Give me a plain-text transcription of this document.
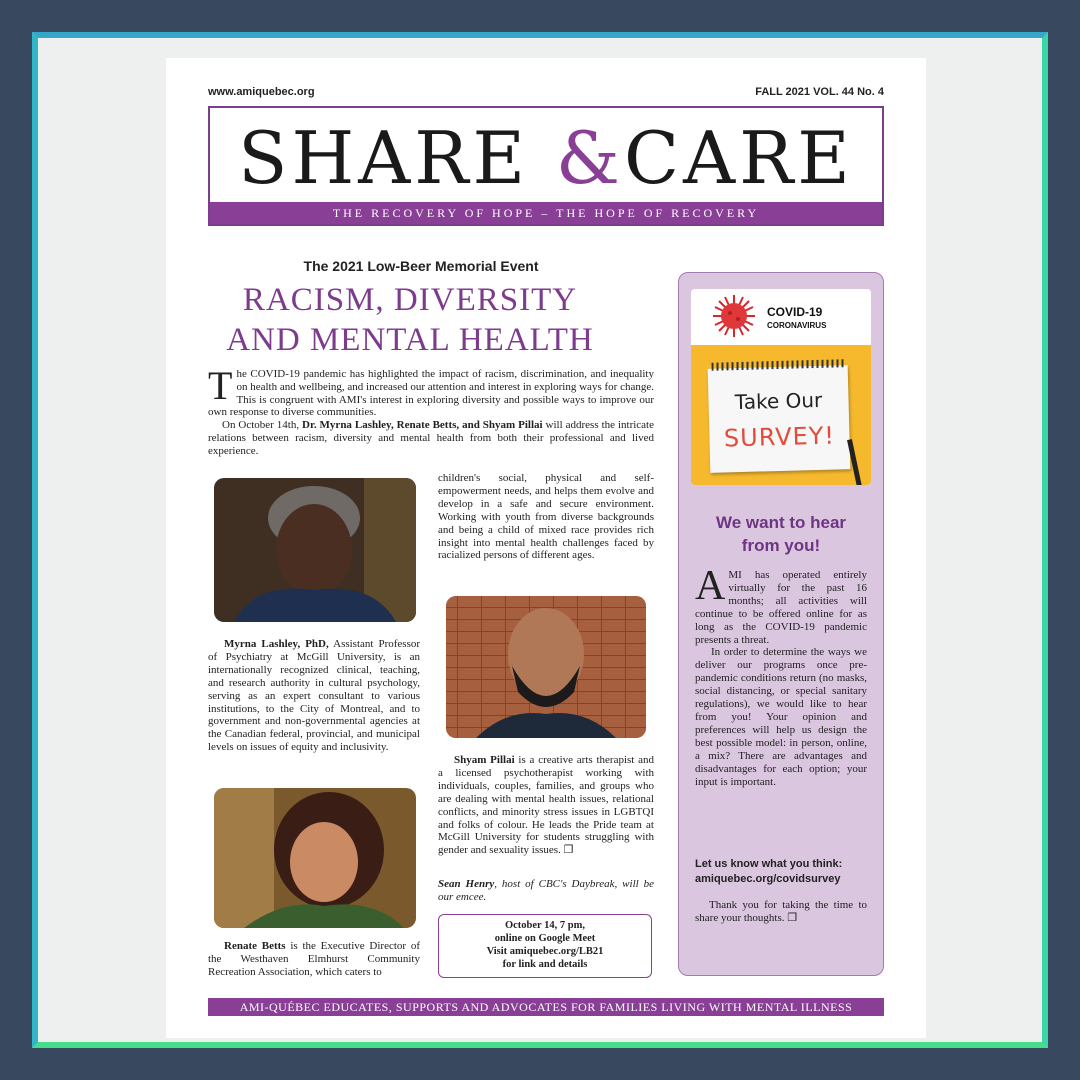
www.amiquebec.org	FALL 2021 VOL. 44 No. 4
SHARE &CARE
THE RECOVERY OF HOPE – THE HOPE OF RECOVERY
The 2021 Low-Beer Memorial Event
RACISM, DIVERSITY
AND MENTAL HEALTH

The COVID-19 pandemic has highlighted the impact of racism, discrimination, and inequality on health and wellbeing, and increased our attention and interest in exploring ways for change. This is congruent with AMI's interest in exploring diversity and possible ways to improve our own response to diverse communities.

On October 14th, Dr. Myrna Lashley, Renate Betts, and Shyam Pillai will address the intricate relations between racism, diversity and mental health from both their professional and lived experience.

Myrna Lashley, PhD, Assistant Professor of Psychiatry at McGill University, is an internationally recognized clinical, teaching, and research authority in cultural psychology, serving as an expert consultant to various institutions, to the City of Montreal, and to government and non-governmental agencies at the Canadian federal, provincial, and municipal levels on issues of equity and inclusivity.

Renate Betts is the Executive Director of the Westhaven Elmhurst Community Recreation Association, which caters to

children's social, physical and self-empowerment needs, and helps them evolve and develop in a safe and secure environment. Working with youth from diverse backgrounds and being a child of mixed race provides rich insight into mental health challenges faced by racialized persons of different ages.

Shyam Pillai is a creative arts therapist and a licensed psychotherapist working with individuals, couples, families, and groups who are dealing with mental health issues, relational conflicts, and minority stress issues in LGBTQI and folks of colour. He leads the Pride team at McGill University for students struggling with gender and sexuality issues. ❐

Sean Henry, host of CBC's Daybreak, will be our emcee.

October 14, 7 pm,
online on Google Meet
Visit amiquebec.org/LB21
for link and details
COVID-19
CORONAVIRUS
Take Our
SURVEY!
We want to hear
from you!

AMI has operated entirely virtually for the past 16 months; all activities will continue to be offered online for as long as the COVID-19 pandemic presents a threat.

In order to determine the ways we deliver our programs once pre-pandemic conditions return (no masks, social distancing, or special sanitary regulations), we would like to hear from you! Your opinion and preferences will help us design the best possible model: in person, online, a mix? There are advantages and disadvantages for each option; your input is important.

Let us know what you think:
amiquebec.org/covidsurvey
Thank you for taking the time to share your thoughts. ❐
AMI-QUÉBEC EDUCATES, SUPPORTS AND ADVOCATES FOR FAMILIES LIVING WITH MENTAL ILLNESS
